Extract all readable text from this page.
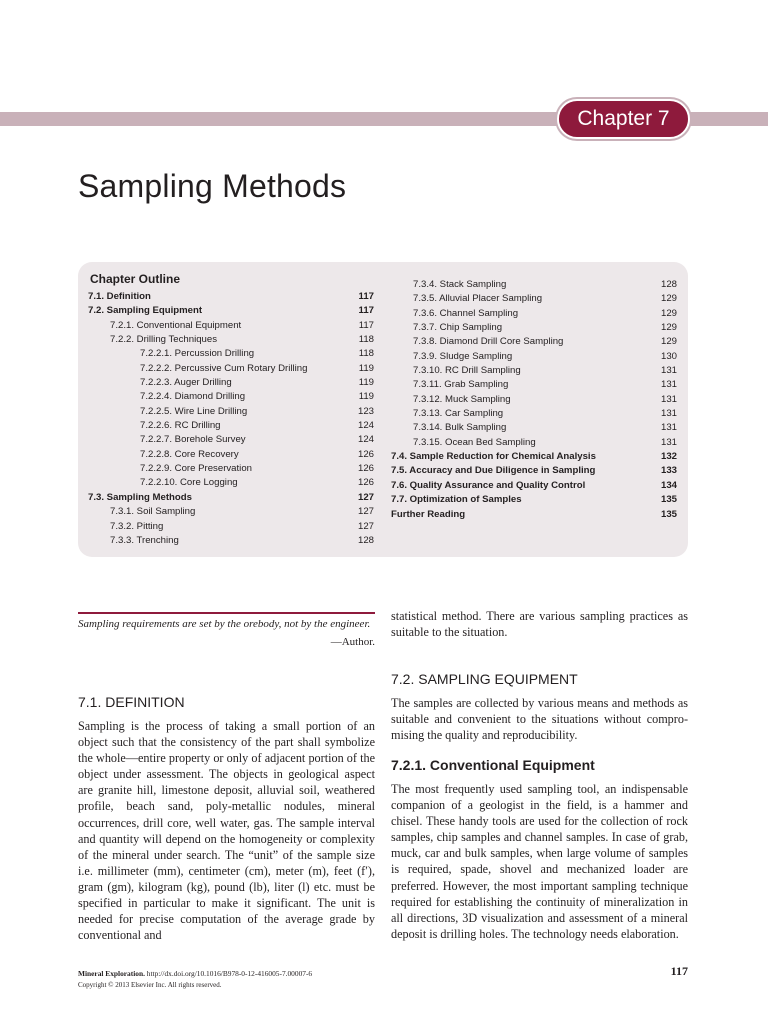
Chapter 7
Sampling Methods
Chapter Outline
7.1. Definition	117
7.2. Sampling Equipment	117
7.2.1. Conventional Equipment	117
7.2.2. Drilling Techniques	118
7.2.2.1. Percussion Drilling	118
7.2.2.2. Percussive Cum Rotary Drilling	119
7.2.2.3. Auger Drilling	119
7.2.2.4. Diamond Drilling	119
7.2.2.5. Wire Line Drilling	123
7.2.2.6. RC Drilling	124
7.2.2.7. Borehole Survey	124
7.2.2.8. Core Recovery	126
7.2.2.9. Core Preservation	126
7.2.2.10. Core Logging	126
7.3. Sampling Methods	127
7.3.1. Soil Sampling	127
7.3.2. Pitting	127
7.3.3. Trenching	128
7.3.4. Stack Sampling	128
7.3.5. Alluvial Placer Sampling	129
7.3.6. Channel Sampling	129
7.3.7. Chip Sampling	129
7.3.8. Diamond Drill Core Sampling	129
7.3.9. Sludge Sampling	130
7.3.10. RC Drill Sampling	131
7.3.11. Grab Sampling	131
7.3.12. Muck Sampling	131
7.3.13. Car Sampling	131
7.3.14. Bulk Sampling	131
7.3.15. Ocean Bed Sampling	131
7.4. Sample Reduction for Chemical Analysis	132
7.5. Accuracy and Due Diligence in Sampling	133
7.6. Quality Assurance and Quality Control	134
7.7. Optimization of Samples	135
Further Reading	135
Sampling requirements are set by the orebody, not by the engineer.
—Author.
7.1. DEFINITION

Sampling is the process of taking a small portion of an object such that the consistency of the part shall symbolize the whole—entire property or only of adjacent portion of the object under assessment. The objects in geological aspect are granite hill, limestone deposit, alluvial soil, weathered profile, beach sand, poly-metallic nodules, mineral occurrences, drill core, well water, gas. The sample interval and quantity will depend on the homogeneity or complexity of the mineral under search. The “unit” of the sample size i.e. millimeter (mm), centimeter (cm), meter (m), feet (f′), gram (gm), kilogram (kg), pound (lb), liter (l) etc. must be specified in particular to make it significant. The unit is needed for precise computation of the average grade by conventional and

statistical method. There are various sampling practices as suitable to the situation.

7.2. SAMPLING EQUIPMENT

The samples are collected by various means and methods as suitable and convenient to the situations without compromising the quality and reproducibility.

7.2.1. Conventional Equipment

The most frequently used sampling tool, an indispensable companion of a geologist in the field, is a hammer and chisel. These handy tools are used for the collection of rock samples, chip samples and channel samples. In case of grab, muck, car and bulk samples, when large volume of samples is required, spade, shovel and mechanized loader are preferred. However, the most important sampling technique required for establishing the continuity of mineralization in all directions, 3D visualization and assessment of a mineral deposit is drilling holes. The technology needs elaboration.

Mineral Exploration. http://dx.doi.org/10.1016/B978-0-12-416005-7.00007-6
Copyright © 2013 Elsevier Inc. All rights reserved.
117
